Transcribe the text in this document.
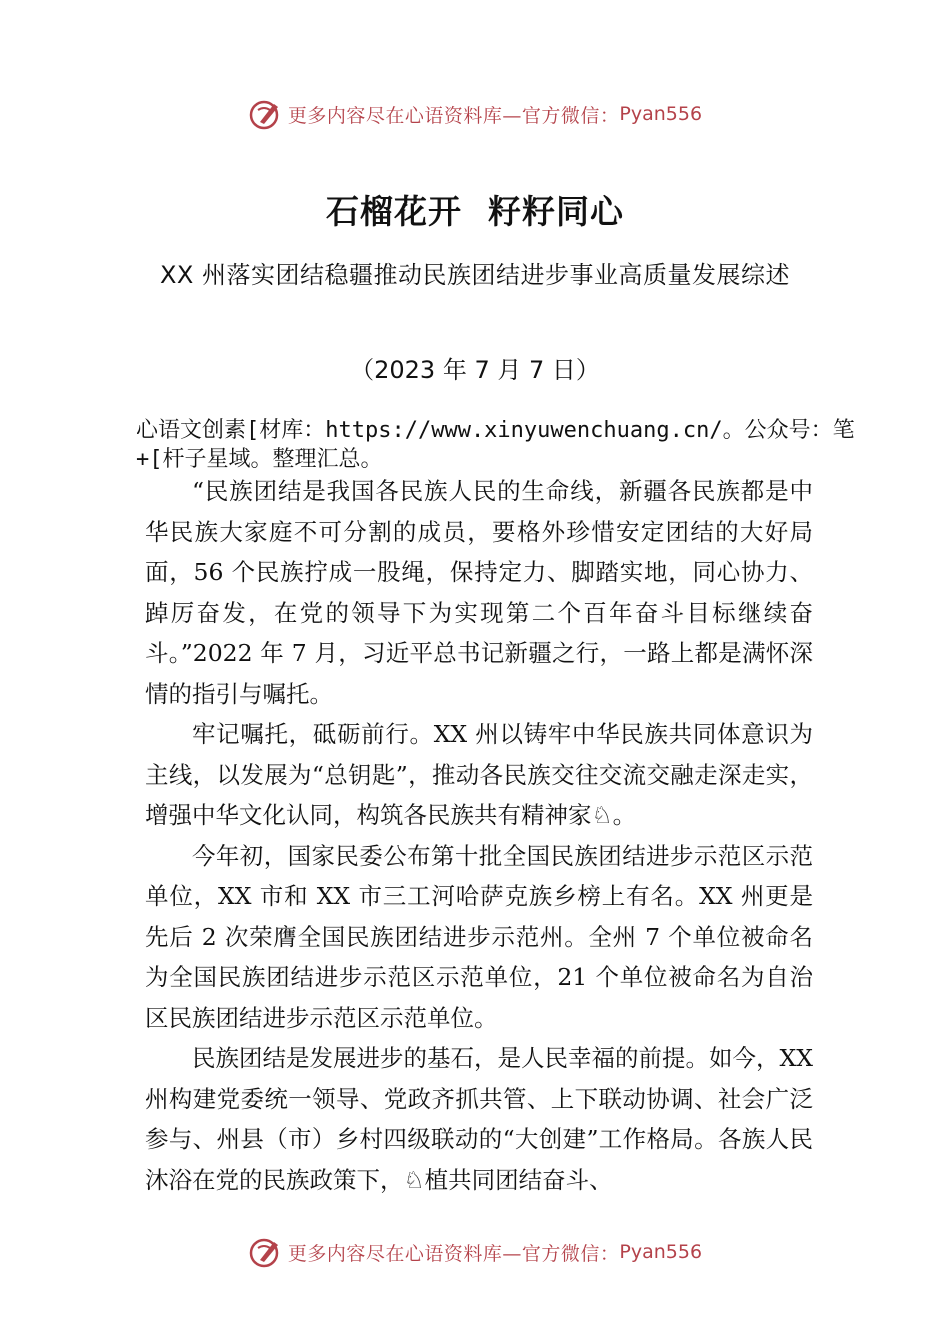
更多内容尽在心语资料库—官方微信： Pyan556
石榴花开 籽籽同心
XX 州落实团结稳疆推动民族团结进步事业高质量发展综述
（2023 年 7 月 7 日）
心语文创素[材库：https://www.xinyuwenchuang.cn/。公众号：笔+[杆子星域。整理汇总。

“民族团结是我国各民族人民的生命线，新疆各民族都是中华民族大家庭不可分割的成员，要格外珍惜安定团结的大好局面，56 个民族拧成一股绳，保持定力、脚踏实地，同心协力、踔厉奋发，在党的领导下为实现第二个百年奋斗目标继续奋斗。”2022 年 7 月，习近平总书记新疆之行，一路上都是满怀深情的指引与嘱托。

牢记嘱托，砥砺前行。XX 州以铸牢中华民族共同体意识为主线，以发展为“总钥匙”，推动各民族交往交流交融走深走实，增强中华文化认同，构筑各民族共有精神家♘。

今年初，国家民委公布第十批全国民族团结进步示范区示范单位，XX 市和 XX 市三工河哈萨克族乡榜上有名。XX 州更是先后 2 次荣膺全国民族团结进步示范州。全州 7 个单位被命名为全国民族团结进步示范区示范单位，21 个单位被命名为自治区民族团结进步示范区示范单位。

民族团结是发展进步的基石，是人民幸福的前提。如今，XX 州构建党委统一领导、党政齐抓共管、上下联动协调、社会广泛参与、州县（市）乡村四级联动的“大创建”工作格局。各族人民沐浴在党的民族政策下，♘植共同团结奋斗、

更多内容尽在心语资料库—官方微信： Pyan556
